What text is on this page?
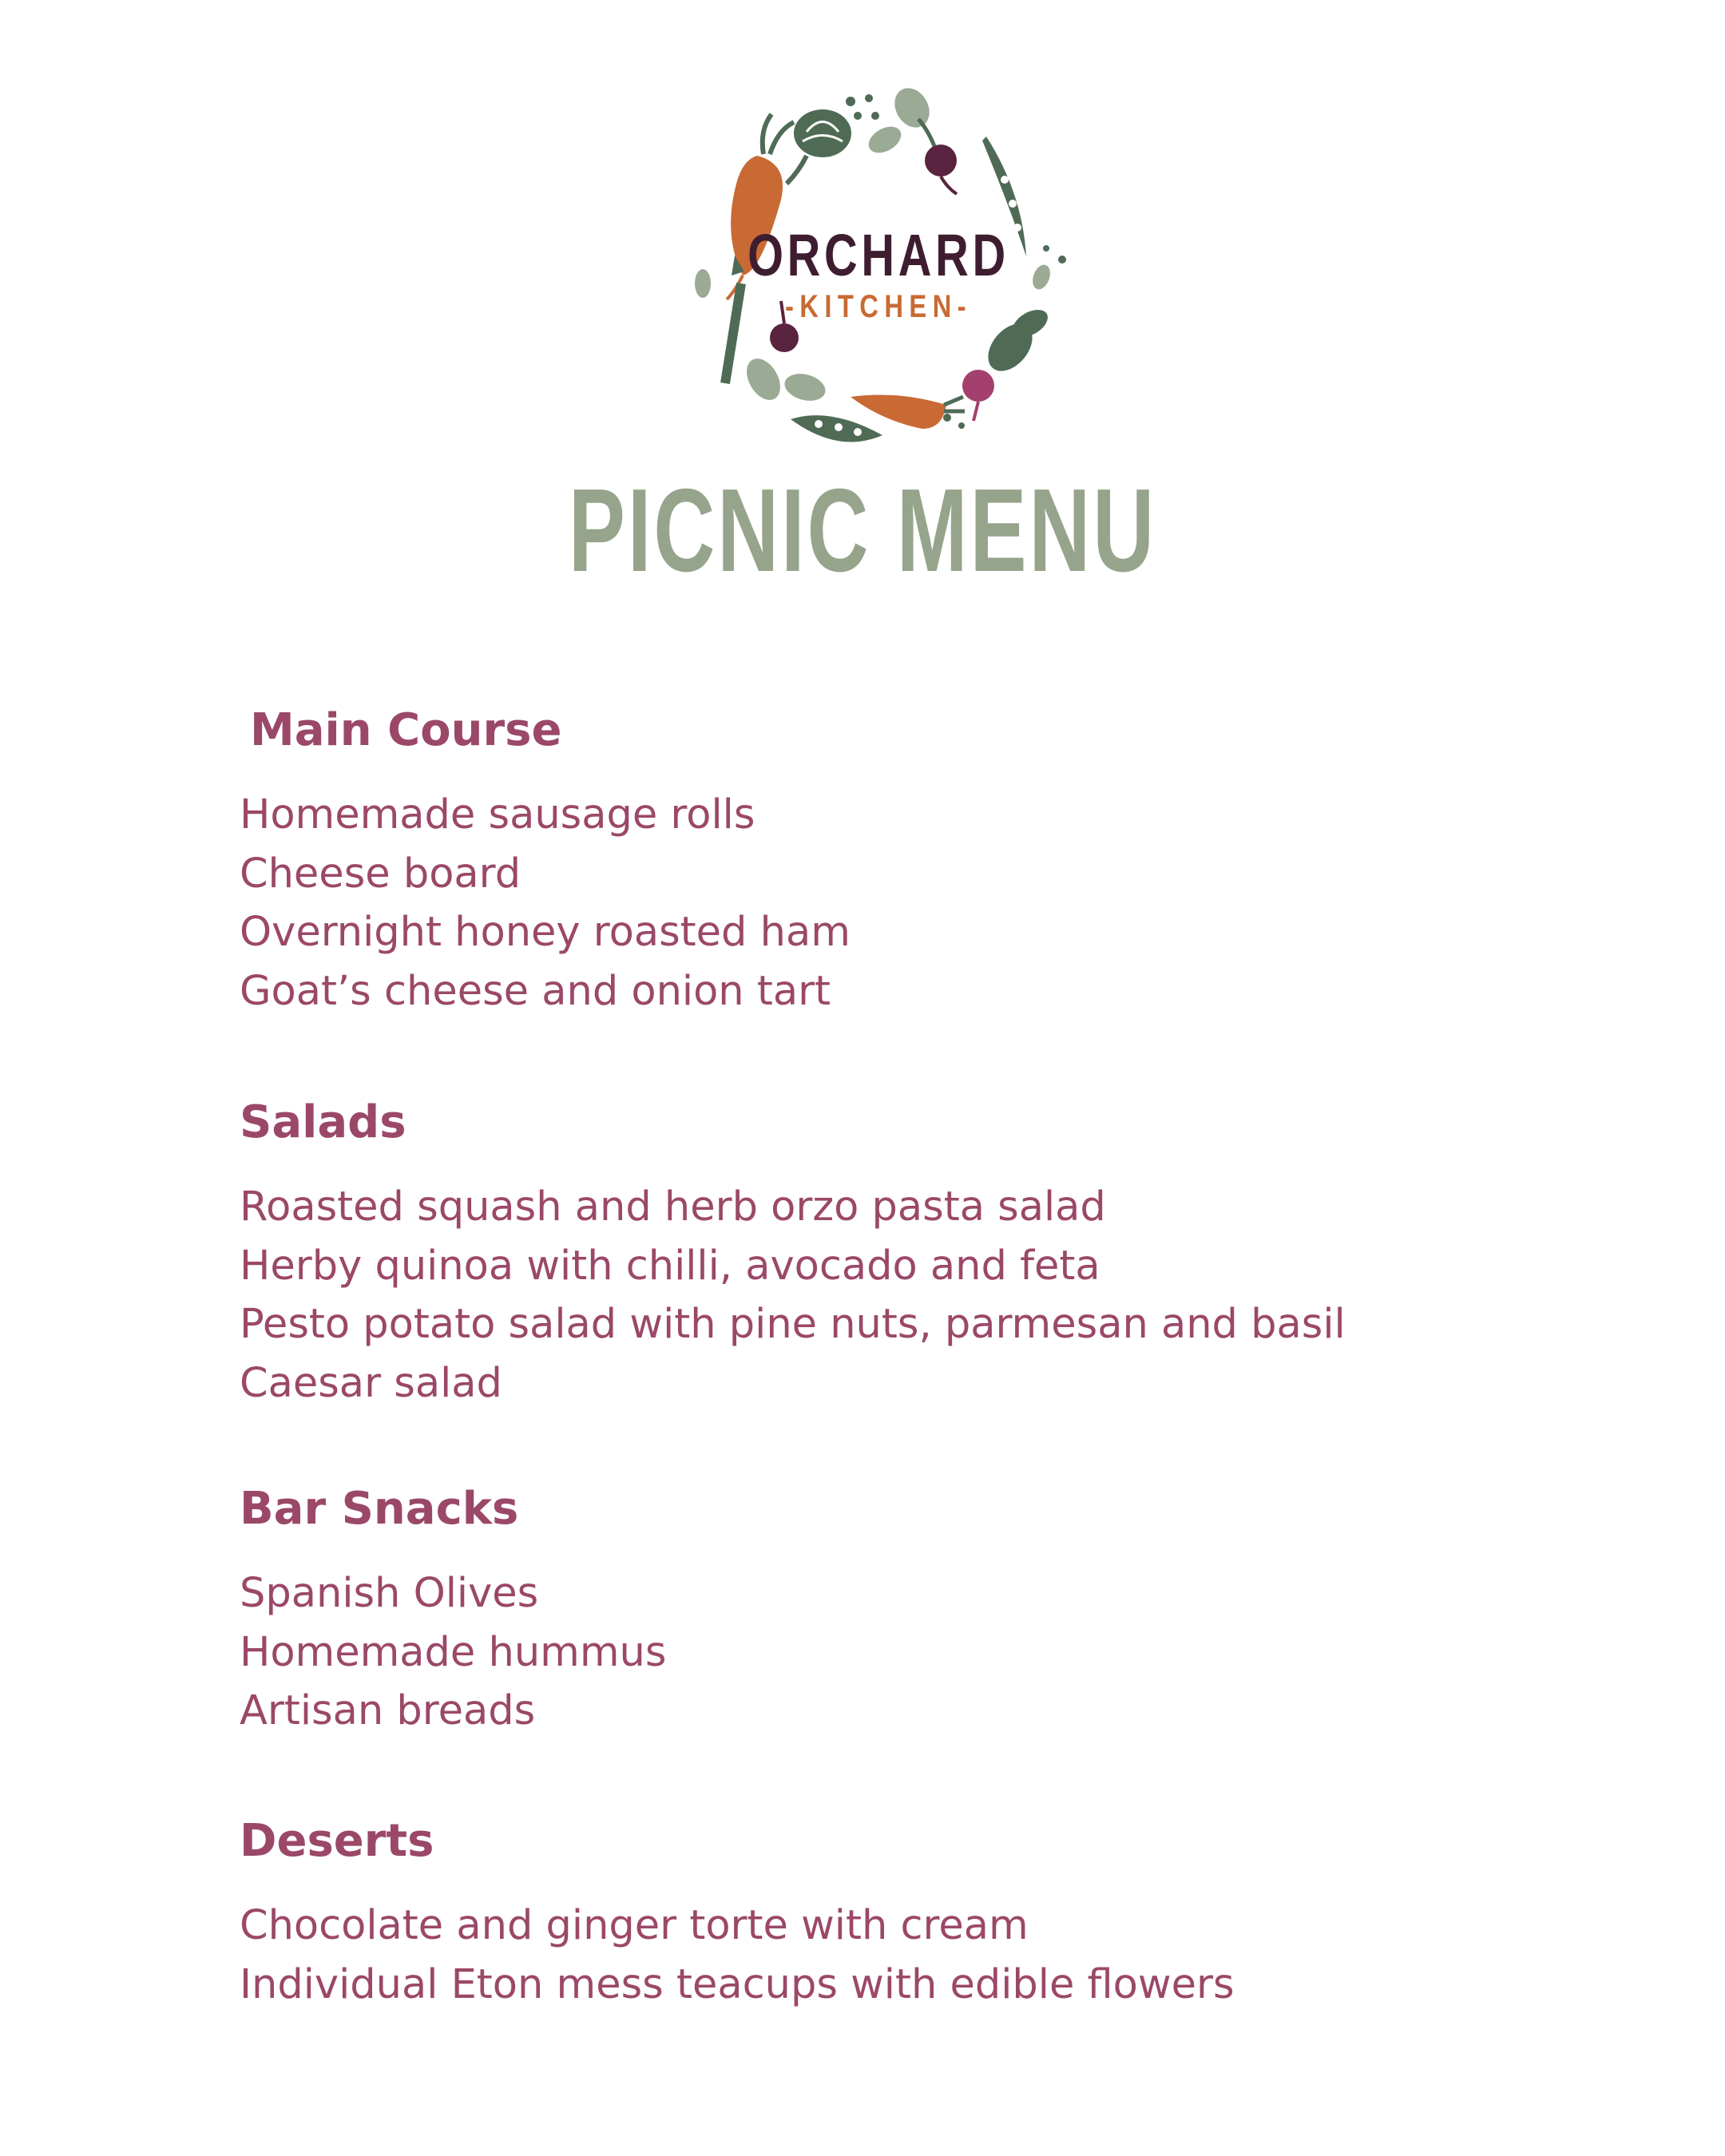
ORCHARD
-KITCHEN-
PICNIC MENU
Main Course
Homemade sausage rolls
Cheese board
Overnight honey roasted ham
Goat’s cheese and onion tart
Salads
Roasted squash and herb orzo pasta salad
Herby quinoa with chilli, avocado and feta
Pesto potato salad with pine nuts, parmesan and basil
Caesar salad
Bar Snacks
Spanish Olives
Homemade hummus
Artisan breads
Deserts
Chocolate and ginger torte with cream
Individual Eton mess teacups with edible flowers
